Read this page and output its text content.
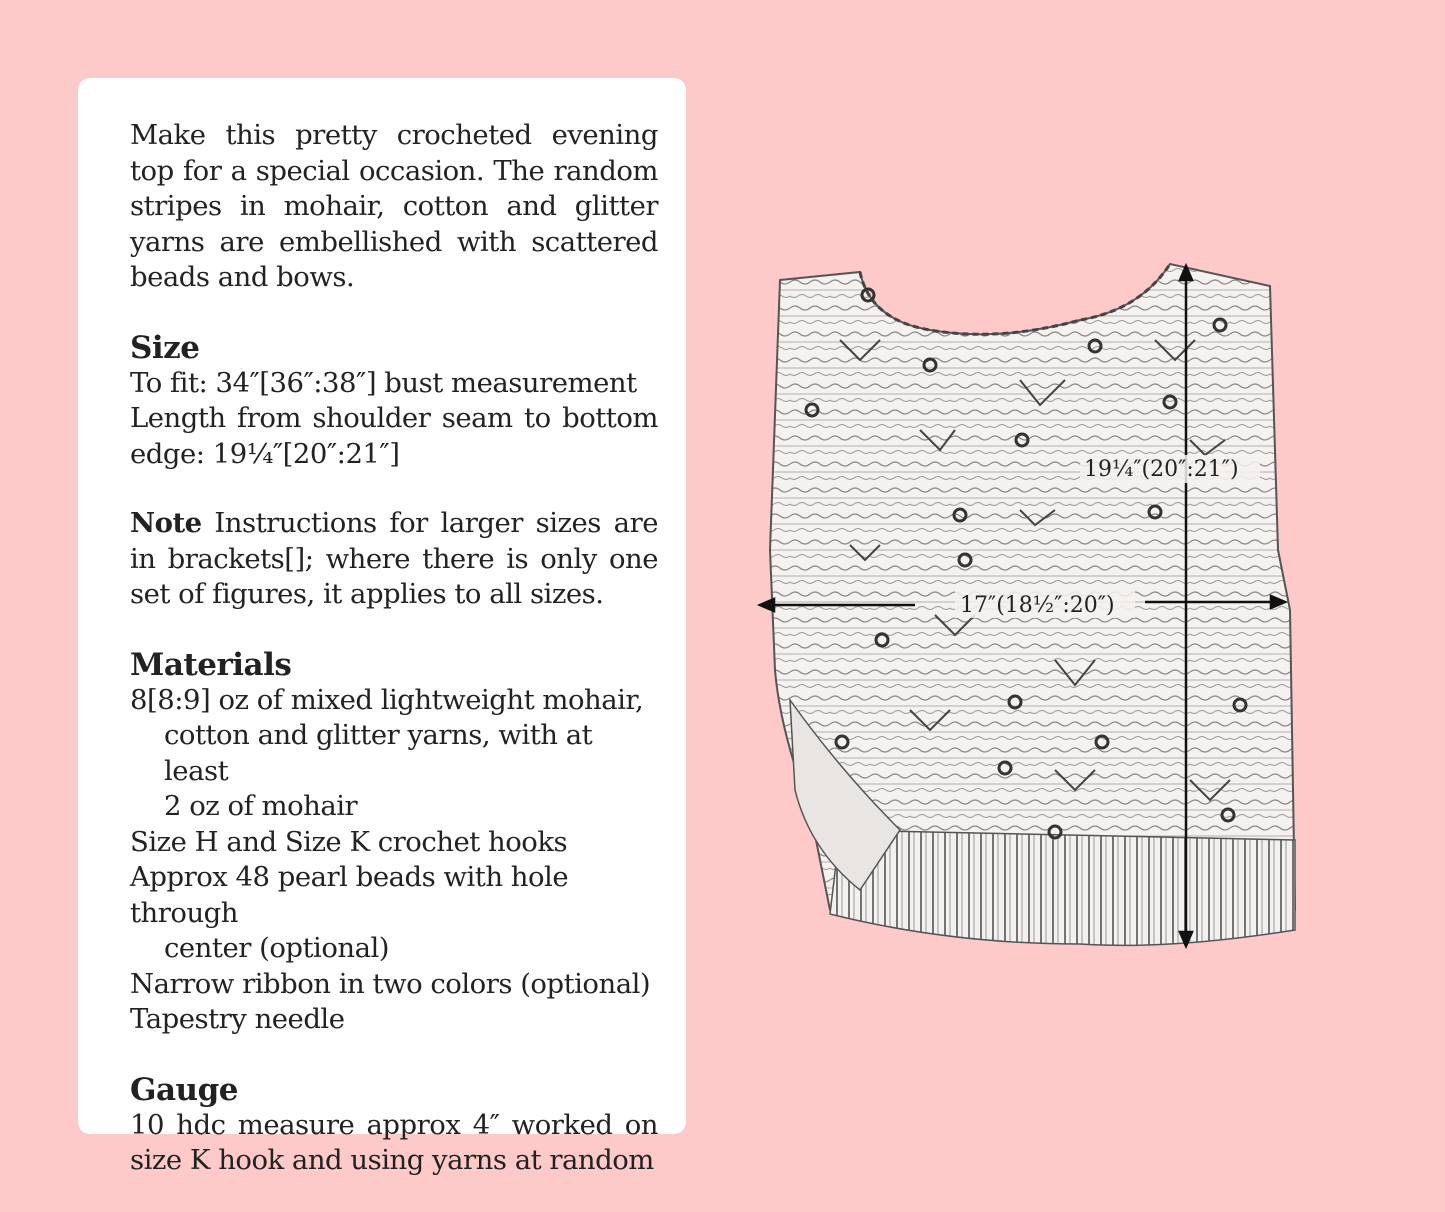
Make this pretty crocheted evening top for a special occasion. The random stripes in mohair, cotton and glitter yarns are embellished with scattered beads and bows.

Size

To fit: 34″[36″:38″] bust measurement

Length from shoulder seam to bottom edge: 19¼″[20″:21″]

Note Instructions for larger sizes are in brackets[]; where there is only one set of figures, it applies to all sizes.

Materials

8[8:9] oz of mixed lightweight mohair,

cotton and glitter yarns, with at least

2 oz of mohair

Size H and Size K crochet hooks

Approx 48 pearl beads with hole through

center (optional)

Narrow ribbon in two colors (optional)

Tapestry needle

Gauge

10 hdc measure approx 4″ worked on size K hook and using yarns at random

19¼″(20″:21″)
17″(18½″:20″)
